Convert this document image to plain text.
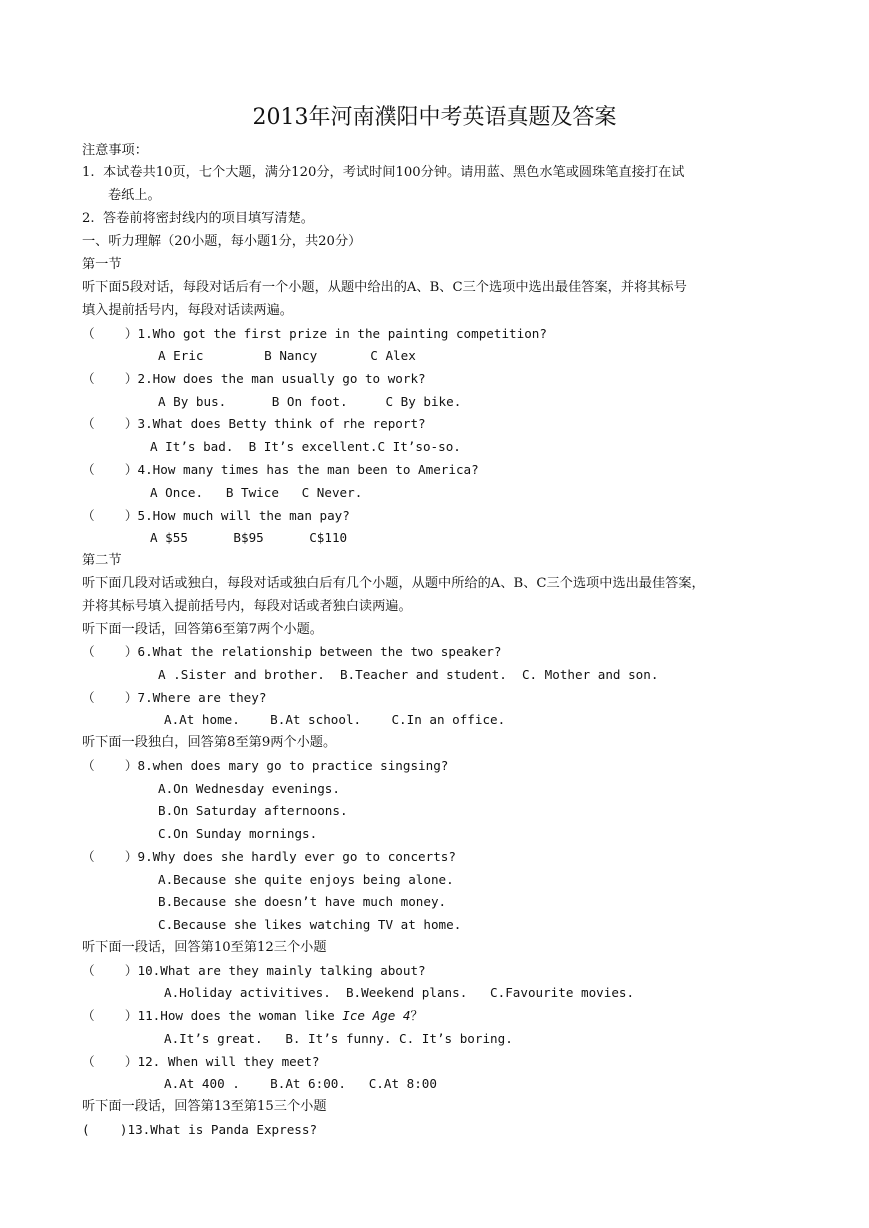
2013年河南濮阳中考英语真题及答案
注意事项：
1.  本试卷共10页，七个大题，满分120分，考试时间100分钟。请用蓝、黑色水笔或圆珠笔直接打在试
卷纸上。
2.  答卷前将密封线内的项目填写清楚。
一、听力理解（20小题，每小题1分，共20分）
第一节
听下面5段对话，每段对话后有一个小题，从题中给出的A、B、C三个选项中选出最佳答案，并将其标号
填入提前括号内，每段对话读两遍。
（    ）1.Who got the first prize in the painting competition?
A Eric        B Nancy       C Alex
（    ）2.How does the man usually go to work?
A By bus.      B On foot.     C By bike.
（    ）3.What does Betty think of rhe report?
A It’s bad.  B It’s excellent.C It’so-so.
（    ）4.How many times has the man been to America?
A Once.   B Twice   C Never.
（    ）5.How much will the man pay?
A $55      B$95      C$110
第二节
听下面几段对话或独白，每段对话或独白后有几个小题，从题中所给的A、B、C三个选项中选出最佳答案，
并将其标号填入提前括号内，每段对话或者独白读两遍。
听下面一段话，回答第6至第7两个小题。
（    ）6.What the relationship between the two speaker?
A .Sister and brother.  B.Teacher and student.  C. Mother and son.
（    ）7.Where are they?
A.At home.    B.At school.    C.In an office.
听下面一段独白，回答第8至第9两个小题。
（    ）8.when does mary go to practice singsing?
A.On Wednesday evenings.
B.On Saturday afternoons.
C.On Sunday mornings.
（    ）9.Why does she hardly ever go to concerts?
A.Because she quite enjoys being alone.
B.Because she doesn’t have much money.
C.Because she likes watching TV at home.
听下面一段话，回答第10至第12三个小题
（    ）10.What are they mainly talking about?
A.Holiday activitives.  B.Weekend plans.   C.Favourite movies.
（    ）11.How does the woman like Ice Age 4？
A.It’s great.   B. It’s funny. C. It’s boring.
（    ）12. When will they meet?
A.At 400 .    B.At 6:00.   C.At 8:00
听下面一段话，回答第13至第15三个小题
(    )13.What is Panda Express?
